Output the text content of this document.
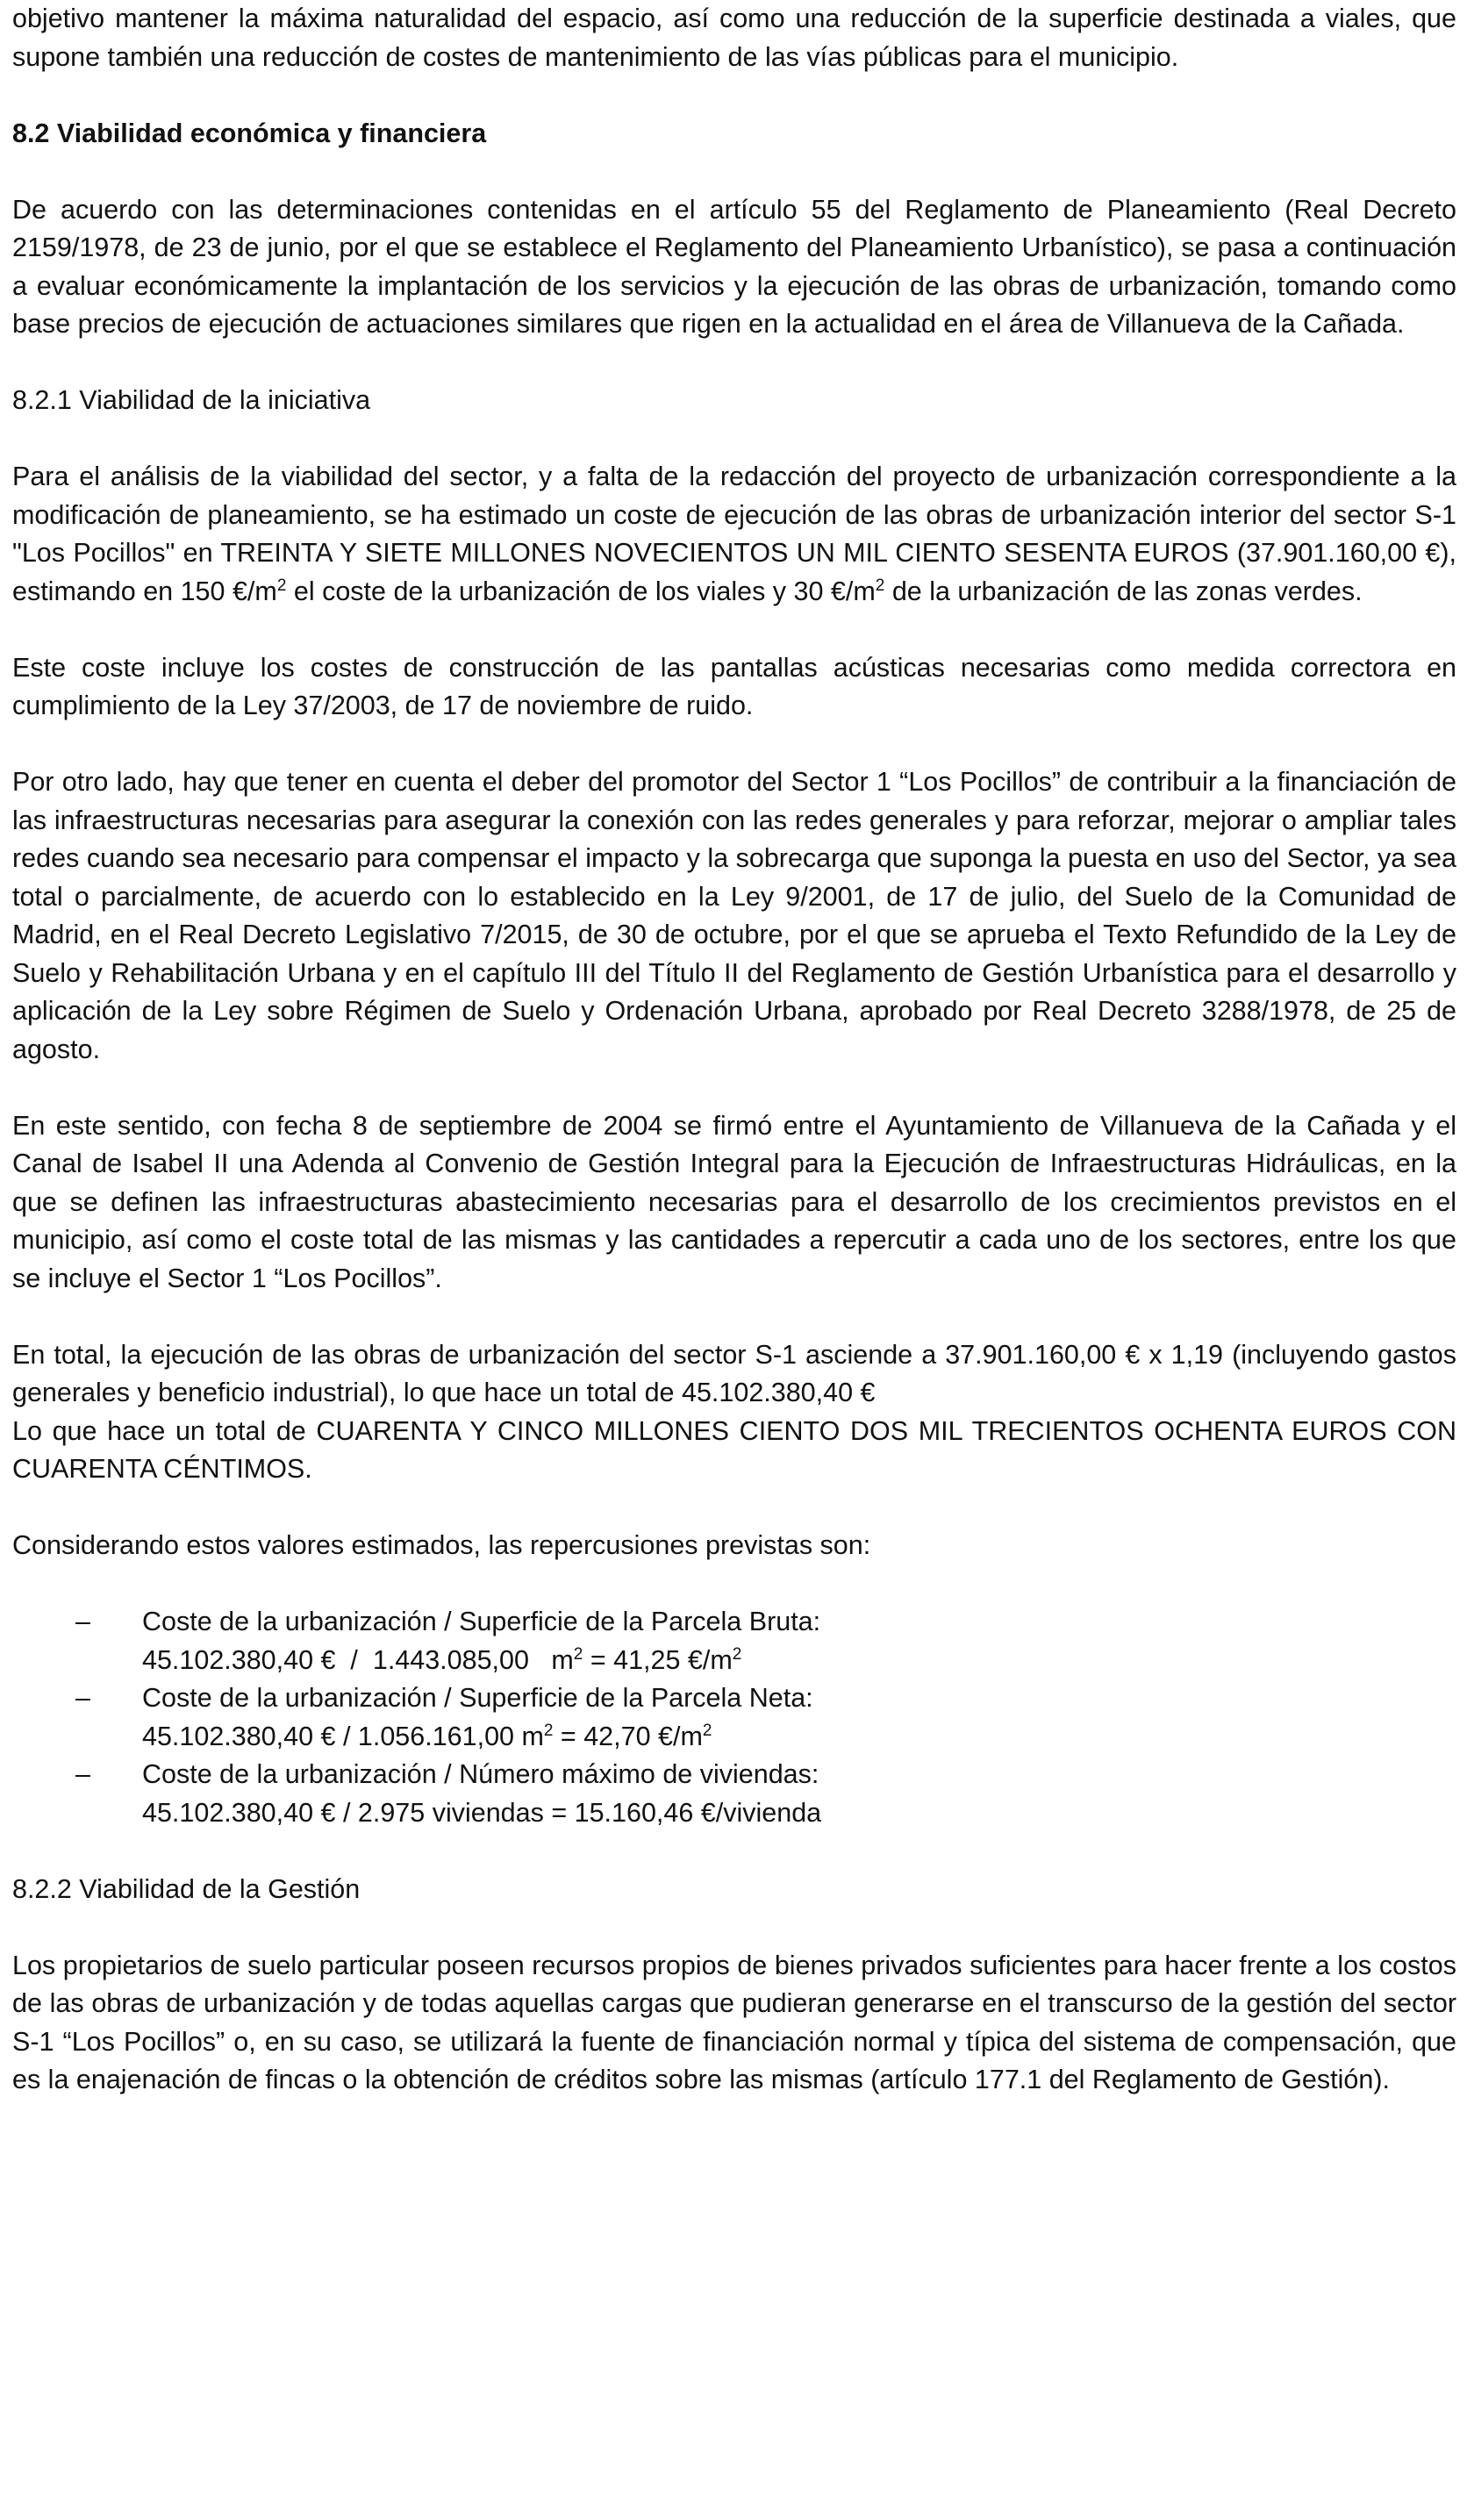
objetivo mantener la máxima naturalidad del espacio, así como una reducción de la superficie destinada a viales, que supone también una reducción de costes de mantenimiento de las vías públicas para el municipio.

8.2 Viabilidad económica y financiera

De acuerdo con las determinaciones contenidas en el artículo 55 del Reglamento de Planeamiento (Real Decreto 2159/1978, de 23 de junio, por el que se establece el Reglamento del Planeamiento Urbanístico), se pasa a continuación a evaluar económicamente la implantación de los servicios y la ejecución de las obras de urbanización, tomando como base precios de ejecución de actuaciones similares que rigen en la actualidad en el área de Villanueva de la Cañada.

8.2.1 Viabilidad de la iniciativa

Para el análisis de la viabilidad del sector, y a falta de la redacción del proyecto de urbanización correspondiente a la modificación de planeamiento, se ha estimado un coste de ejecución de las obras de urbanización interior del sector S-1 "Los Pocillos" en TREINTA Y SIETE MILLONES NOVECIENTOS UN MIL CIENTO SESENTA EUROS (37.901.160,00 €), estimando en 150 $€/m^2$ el coste de la urbanización de los viales y 30 $€/m^2$ de la urbanización de las zonas verdes.

Este coste incluye los costes de construcción de las pantallas acústicas necesarias como medida correctora en cumplimiento de la Ley 37/2003, de 17 de noviembre de ruido.

Por otro lado, hay que tener en cuenta el deber del promotor del Sector 1 “Los Pocillos” de contribuir a la financiación de las infraestructuras necesarias para asegurar la conexión con las redes generales y para reforzar, mejorar o ampliar tales redes cuando sea necesario para compensar el impacto y la sobrecarga que suponga la puesta en uso del Sector, ya sea total o parcialmente, de acuerdo con lo establecido en la Ley 9/2001, de 17 de julio, del Suelo de la Comunidad de Madrid, en el Real Decreto Legislativo 7/2015, de 30 de octubre, por el que se aprueba el Texto Refundido de la Ley de Suelo y Rehabilitación Urbana y en el capítulo III del Título II del Reglamento de Gestión Urbanística para el desarrollo y aplicación de la Ley sobre Régimen de Suelo y Ordenación Urbana, aprobado por Real Decreto 3288/1978, de 25 de agosto.

En este sentido, con fecha 8 de septiembre de 2004 se firmó entre el Ayuntamiento de Villanueva de la Cañada y el Canal de Isabel II una Adenda al Convenio de Gestión Integral para la Ejecución de Infraestructuras Hidráulicas, en la que se definen las infraestructuras abastecimiento necesarias para el desarrollo de los crecimientos previstos en el municipio, así como el coste total de las mismas y las cantidades a repercutir a cada uno de los sectores, entre los que se incluye el Sector 1 “Los Pocillos”.

En total, la ejecución de las obras de urbanización del sector S-1 asciende a 37.901.160,00 € x 1,19 (incluyendo gastos generales y beneficio industrial), lo que hace un total de 45.102.380,40 €

Lo que hace un total de CUARENTA Y CINCO MILLONES CIENTO DOS MIL TRECIENTOS OCHENTA EUROS CON CUARENTA CÉNTIMOS.

Considerando estos valores estimados, las repercusiones previstas son:

– Coste de la urbanización / Superficie de la Parcela Bruta:
45.102.380,40 €  /  1.443.085,00   $m^2 = 41,25$ $€/m^2$
– Coste de la urbanización / Superficie de la Parcela Neta:
45.102.380,40 € / 1.056.161,00 $m^2 = 42,70$ $€/m^2$
– Coste de la urbanización / Número máximo de viviendas:
45.102.380,40 € / 2.975 viviendas = 15.160,46 €/vivienda
8.2.2 Viabilidad de la Gestión

Los propietarios de suelo particular poseen recursos propios de bienes privados suficientes para hacer frente a los costos de las obras de urbanización y de todas aquellas cargas que pudieran generarse en el transcurso de la gestión del sector S-1 “Los Pocillos” o, en su caso, se utilizará la fuente de financiación normal y típica del sistema de compensación, que es la enajenación de fincas o la obtención de créditos sobre las mismas (artículo 177.1 del Reglamento de Gestión).
